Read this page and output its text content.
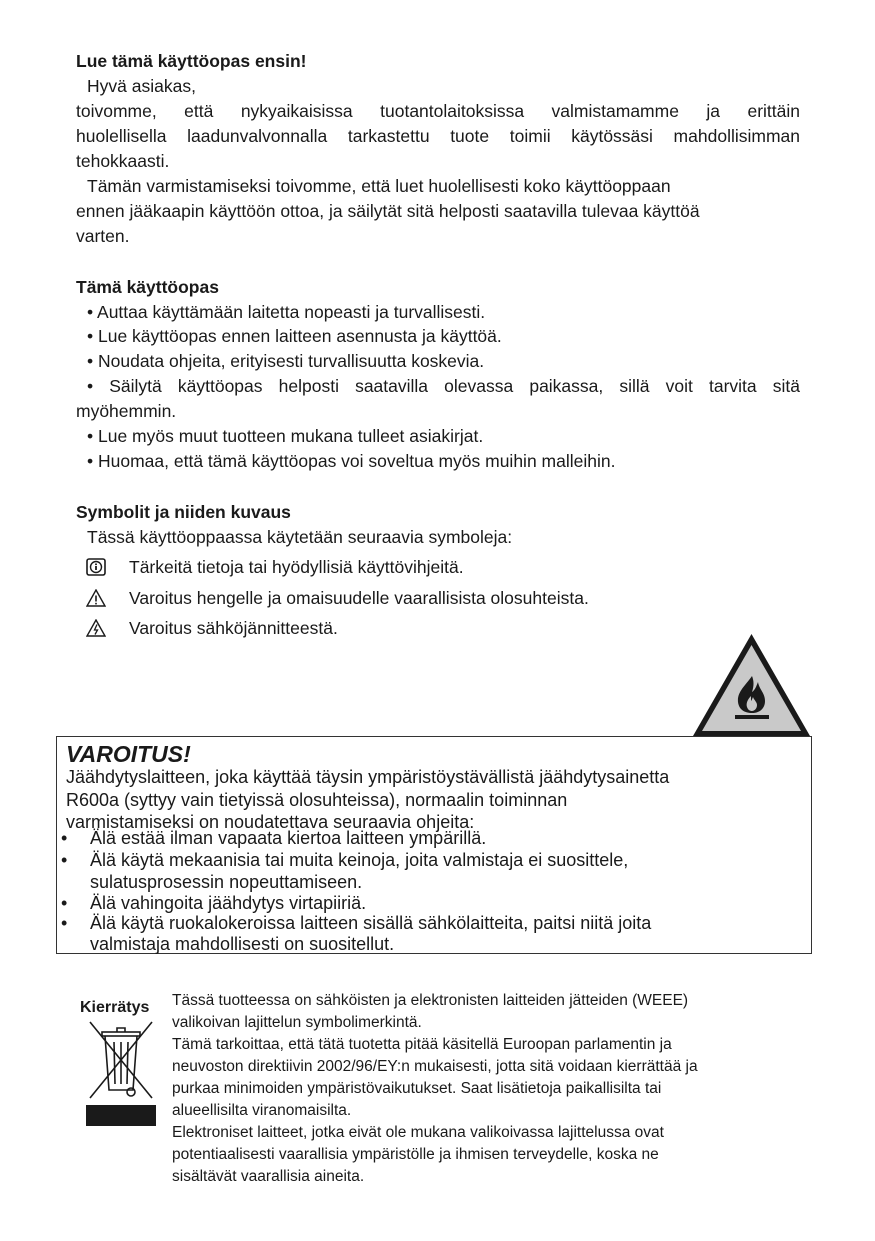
Lue tämä käyttöopas ensin!
Hyvä asiakas,
toivomme, että nykyaikaisissa tuotantolaitoksissa valmistamamme ja erittäin
huolellisella laadunvalvonnalla tarkastettu tuote toimii käytössäsi mahdollisimman
tehokkaasti.
Tämän varmistamiseksi toivomme, että luet huolellisesti koko käyttöoppaan
ennen jääkaapin käyttöön ottoa, ja säilytät sitä helposti saatavilla tulevaa käyttöä
varten.
Tämä käyttöopas
• Auttaa käyttämään laitetta nopeasti ja turvallisesti.
• Lue käyttöopas ennen laitteen asennusta ja käyttöä.
• Noudata ohjeita, erityisesti turvallisuutta koskevia.
• Säilytä käyttöopas helposti saatavilla olevassa paikassa, sillä voit tarvita sitä
myöhemmin.
• Lue myös muut tuotteen mukana tulleet asiakirjat.
• Huomaa, että tämä käyttöopas voi soveltua myös muihin malleihin.
Symbolit ja niiden kuvaus
Tässä käyttöoppaassa käytetään seuraavia symboleja:
Tärkeitä tietoja tai hyödyllisiä käyttövihjeitä.
Varoitus hengelle ja omaisuudelle vaarallisista olosuhteista.
Varoitus sähköjännitteestä.
VAROITUS!
Jäähdytyslaitteen, joka käyttää täysin ympäristöystävällistä jäähdytysainetta
R600a (syttyy vain tietyissä olosuhteissa), normaalin toiminnan
varmistamiseksi on noudatettava seuraavia ohjeita:
• Älä estää ilman vapaata kiertoa laitteen ympärillä.
• Älä käytä mekaanisia tai muita keinoja, joita valmistaja ei suosittele,
sulatusprosessin nopeuttamiseen.
• Älä vahingoita jäähdytys virtapiiriä.
• Älä käytä ruokalokeroissa laitteen sisällä sähkölaitteita, paitsi niitä joita
valmistaja mahdollisesti on suositellut.
Kierrätys Tässä tuotteessa on sähköisten ja elektronisten laitteiden jätteiden (WEEE)
valikoivan lajittelun symbolimerkintä.
Tämä tarkoittaa, että tätä tuotetta pitää käsitellä Euroopan parlamentin ja
neuvoston direktiivin 2002/96/EY:n mukaisesti, jotta sitä voidaan kierrättää ja
purkaa minimoiden ympäristövaikutukset. Saat lisätietoja paikallisilta tai
alueellisilta viranomaisilta.
Elektroniset laitteet, jotka eivät ole mukana valikoivassa lajittelussa ovat
potentiaalisesti vaarallisia ympäristölle ja ihmisen terveydelle, koska ne
sisältävät vaarallisia aineita.
